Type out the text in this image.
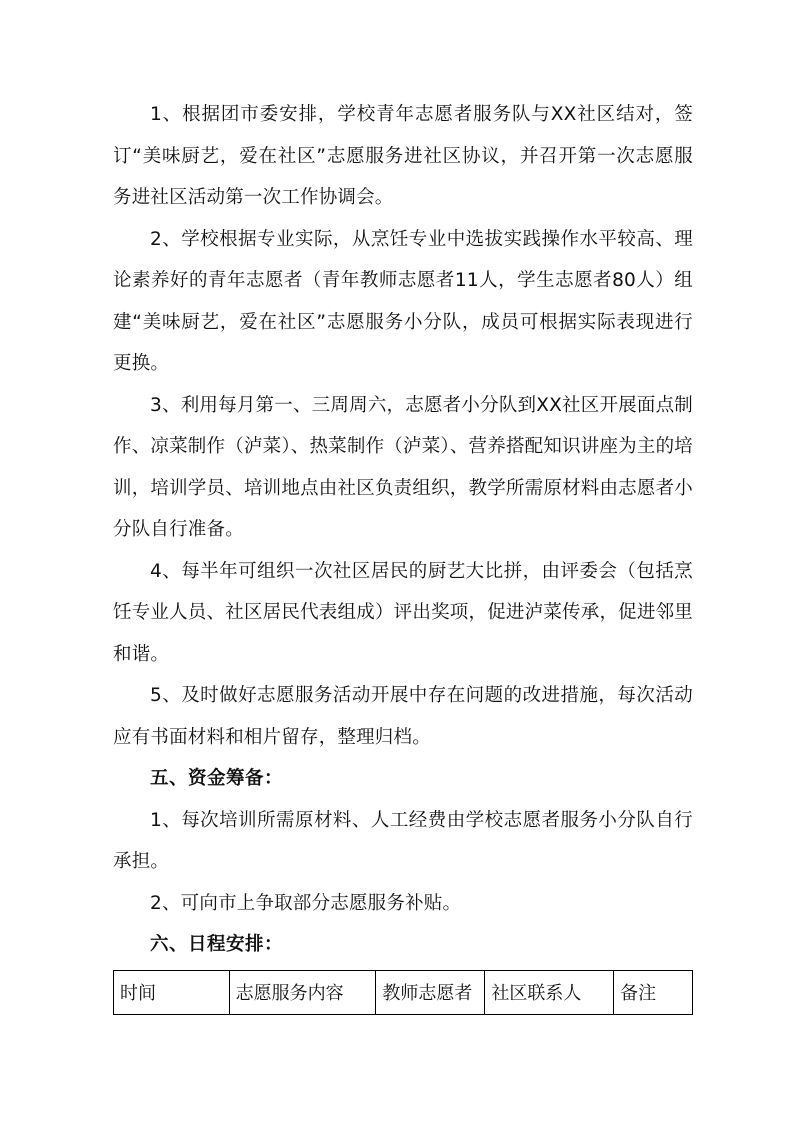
1、根据团市委安排，学校青年志愿者服务队与XX社区结对，签订“美味厨艺，爱在社区”志愿服务进社区协议，并召开第一次志愿服务进社区活动第一次工作协调会。

2、学校根据专业实际，从烹饪专业中选拔实践操作水平较高、理论素养好的青年志愿者（青年教师志愿者11人，学生志愿者80人）组建“美味厨艺，爱在社区”志愿服务小分队，成员可根据实际表现进行更换。

3、利用每月第一、三周周六，志愿者小分队到XX社区开展面点制作、凉菜制作（泸菜）、热菜制作（泸菜）、营养搭配知识讲座为主的培训，培训学员、培训地点由社区负责组织，教学所需原材料由志愿者小分队自行准备。

4、每半年可组织一次社区居民的厨艺大比拼，由评委会（包括烹饪专业人员、社区居民代表组成）评出奖项，促进泸菜传承，促进邻里和谐。

5、及时做好志愿服务活动开展中存在问题的改进措施，每次活动应有书面材料和相片留存，整理归档。

五、资金筹备：

1、每次培训所需原材料、人工经费由学校志愿者服务小分队自行承担。

2、可向市上争取部分志愿服务补贴。

六、日程安排：

时间	志愿服务内容	教师志愿者	社区联系人	备注
